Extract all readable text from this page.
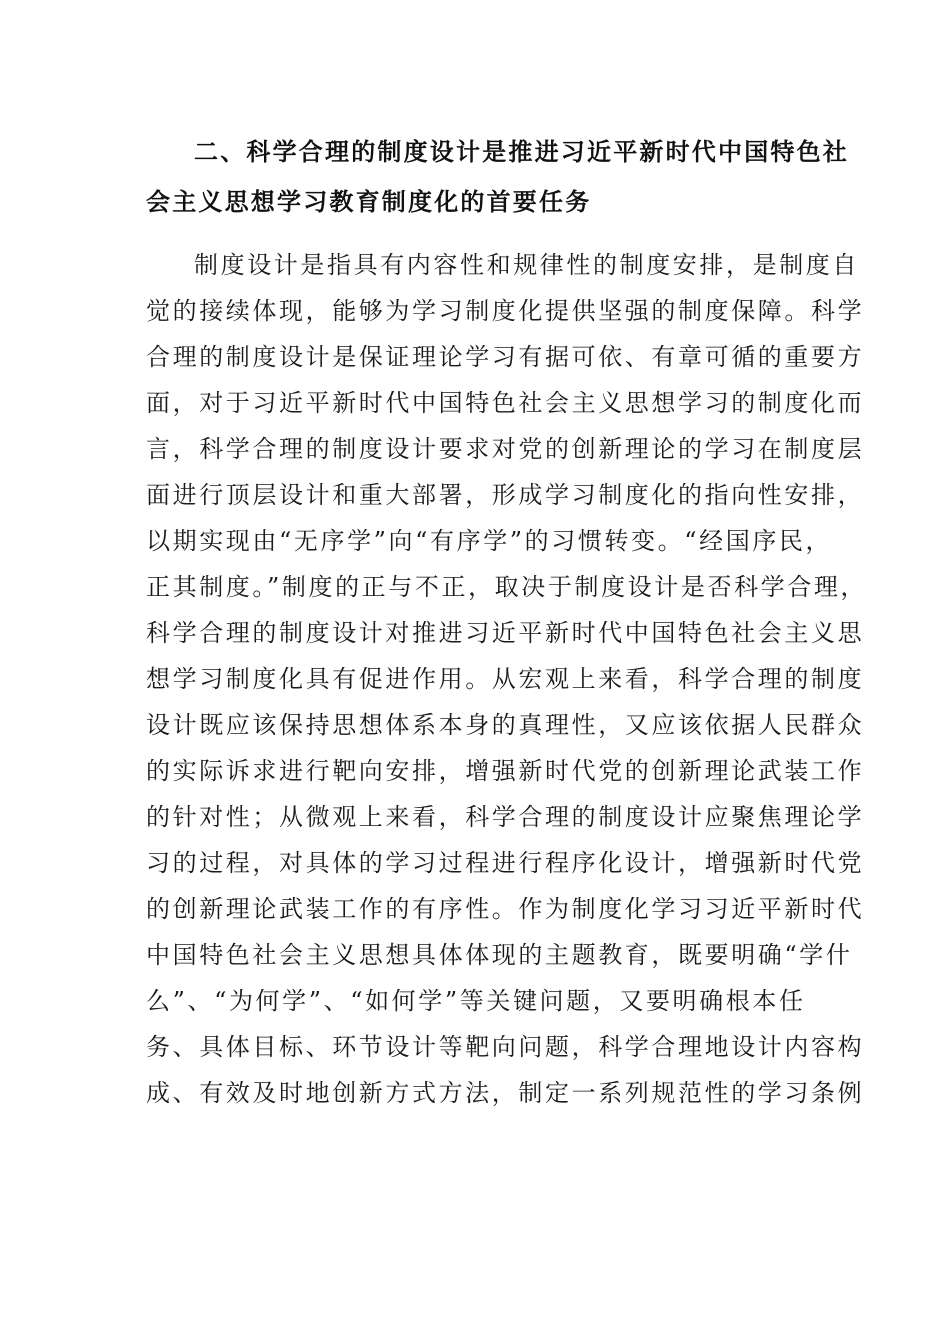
二、科学合理的制度设计是推进习近平新时代中国特色社
会主义思想学习教育制度化的首要任务
制度设计是指具有内容性和规律性的制度安排，是制度自
觉的接续体现，能够为学习制度化提供坚强的制度保障。科学
合理的制度设计是保证理论学习有据可依、有章可循的重要方
面，对于习近平新时代中国特色社会主义思想学习的制度化而
言，科学合理的制度设计要求对党的创新理论的学习在制度层
面进行顶层设计和重大部署，形成学习制度化的指向性安排，
以期实现由“无序学”向“有序学”的习惯转变。“经国序民，
正其制度。”制度的正与不正，取决于制度设计是否科学合理，
科学合理的制度设计对推进习近平新时代中国特色社会主义思
想学习制度化具有促进作用。从宏观上来看，科学合理的制度
设计既应该保持思想体系本身的真理性，又应该依据人民群众
的实际诉求进行靶向安排，增强新时代党的创新理论武装工作
的针对性；从微观上来看，科学合理的制度设计应聚焦理论学
习的过程，对具体的学习过程进行程序化设计，增强新时代党
的创新理论武装工作的有序性。作为制度化学习习近平新时代
中国特色社会主义思想具体体现的主题教育，既要明确“学什
么”、“为何学”、“如何学”等关键问题，又要明确根本任
务、具体目标、环节设计等靶向问题，科学合理地设计内容构
成、有效及时地创新方式方法，制定一系列规范性的学习条例
